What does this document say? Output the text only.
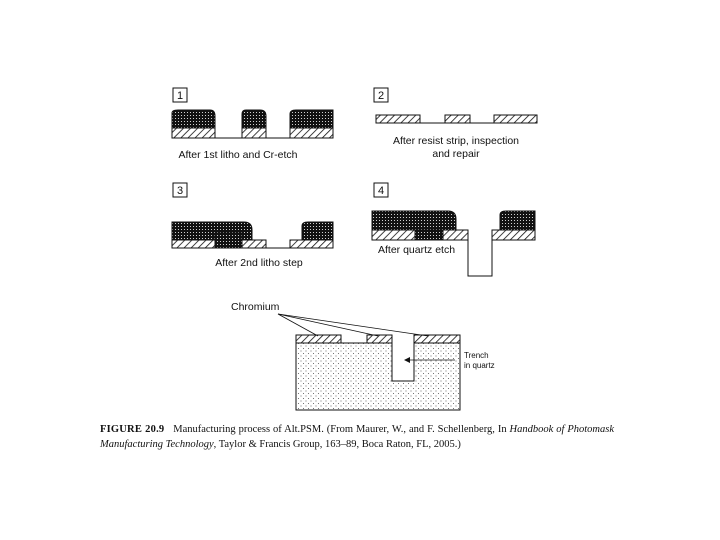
1
After 1st litho and Cr-etch
2
After resist strip, inspection
and repair
3
After 2nd litho step
4
After quartz etch
Chromium
Trench
in quartz
FIGURE 20.9 Manufacturing process of Alt.PSM. (From Maurer, W., and F. Schellenberg, In Handbook of Photomask Manufacturing Technology, Taylor & Francis Group, 163–89, Boca Raton, FL, 2005.)
